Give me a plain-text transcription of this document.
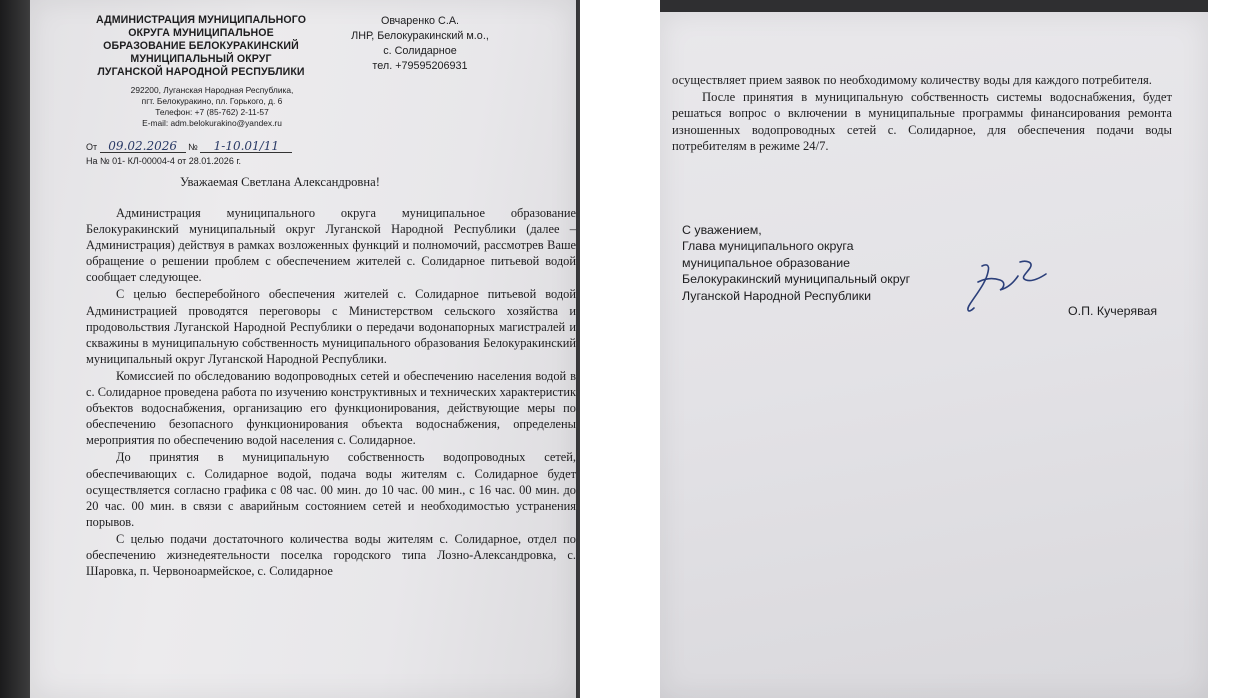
АДМИНИСТРАЦИЯ МУНИЦИПАЛЬНОГО
ОКРУГА МУНИЦИПАЛЬНОЕ
ОБРАЗОВАНИЕ БЕЛОКУРАКИНСКИЙ
МУНИЦИПАЛЬНЫЙ ОКРУГ
ЛУГАНСКОЙ НАРОДНОЙ РЕСПУБЛИКИ
292200, Луганская Народная Республика,
пгт. Белокуракино, пл. Горького, д. 6
Телефон: +7 (85-762) 2-11-57
E-mail: adm.belokurakino@yandex.ru
Овчаренко С.А.
ЛНР, Белокуракинский м.о.,
с. Солидарное
тел. +79595206931
От 09.02.2026 № 1-10.01/11
На № 01- КЛ-00004-4 от 28.01.2026 г.
Уважаемая Светлана Александровна!

Администрация муниципального округа муниципальное образование Белокуракинский муниципальный округ Луганской Народной Республики (далее – Администрация) действуя в рамках возложенных функций и полномочий, рассмотрев Ваше обращение о решении проблем с обеспечением жителей с. Солидарное питьевой водой сообщает следующее.

С целью бесперебойного обеспечения жителей с. Солидарное питьевой водой Администрацией проводятся переговоры с Министерством сельского хозяйства и продовольствия Луганской Народной Республики о передачи водонапорных магистралей и скважины в муниципальную собственность муниципального образования Белокуракинский муниципальный округ Луганской Народной Республики.

Комиссией по обследованию водопроводных сетей и обеспечению населения водой в с. Солидарное проведена работа по изучению конструктивных и технических характеристик объектов водоснабжения, организацию его функционирования, действующие меры по обеспечению безопасного функционирования объекта водоснабжения, определены мероприятия по обеспечению водой населения с. Солидарное.

До принятия в муниципальную собственность водопроводных сетей, обеспечивающих с. Солидарное водой, подача воды жителям с. Солидарное будет осуществляется согласно графика с 08 час. 00 мин. до 10 час. 00 мин., с 16 час. 00 мин. до 20 час. 00 мин. в связи с аварийным состоянием сетей и необходимостью устранения порывов.

С целью подачи достаточного количества воды жителям с. Солидарное, отдел по обеспечению жизнедеятельности поселка городского типа Лозно-Александровка, с. Шаровка, п. Червоноармейское, с. Солидарное

осуществляет прием заявок по необходимому количеству воды для каждого потребителя.

После принятия в муниципальную собственность системы водоснабжения, будет решаться вопрос о включении в муниципальные программы финансирования ремонта изношенных водопроводных сетей с. Солидарное, для обеспечения подачи воды потребителям в режиме 24/7.

С уважением,
Глава муниципального округа
муниципальное образование
Белокуракинский муниципальный округ
Луганской Народной Республики
О.П. Кучерявая
